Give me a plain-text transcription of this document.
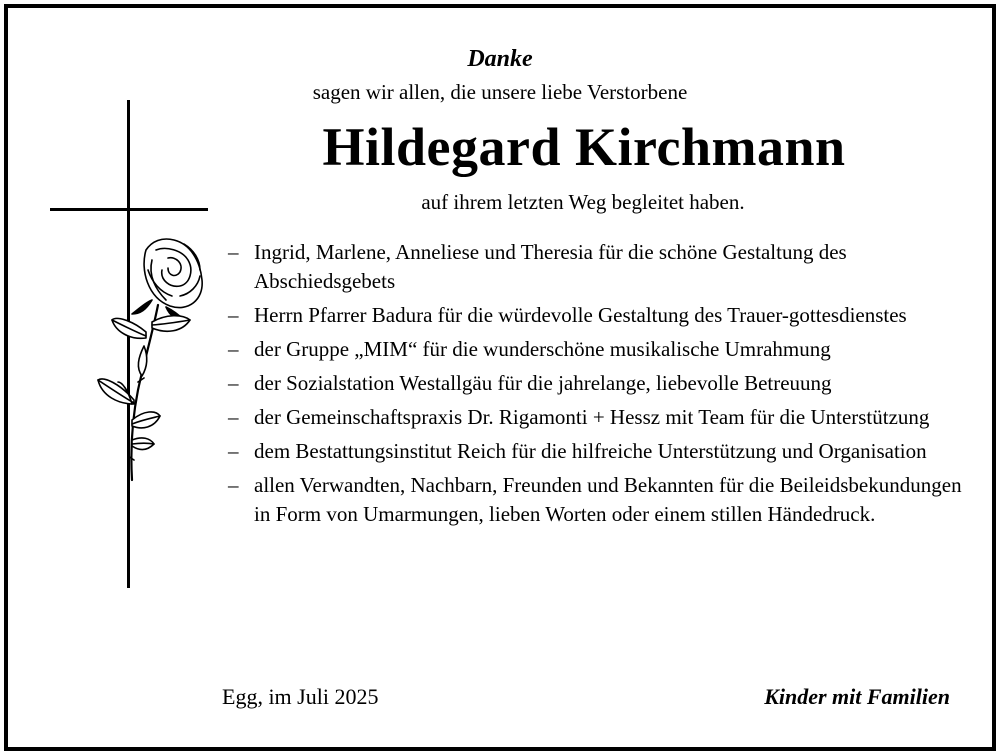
Danke
sagen wir allen, die unsere liebe Verstorbene
Hildegard Kirchmann
auf ihrem letzten Weg begleitet haben.
– Ingrid, Marlene, Anneliese und Theresia für die schöne Gestaltung des Abschiedsgebets
– Herrn Pfarrer Badura für die würdevolle Gestaltung des Trauer-gottesdienstes
– der Gruppe „MIM“ für die wunderschöne musikalische Umrahmung
– der Sozialstation Westallgäu für die jahrelange, liebevolle Betreuung
– der Gemeinschaftspraxis Dr. Rigamonti + Hessz mit Team für die Unterstützung
– dem Bestattungsinstitut Reich für die hilfreiche Unterstützung und Organisation
– allen Verwandten, Nachbarn, Freunden und Bekannten für die Beileidsbekundungen in Form von Umarmungen, lieben Worten oder einem stillen Händedruck.
Egg, im Juli 2025	Kinder mit Familien
